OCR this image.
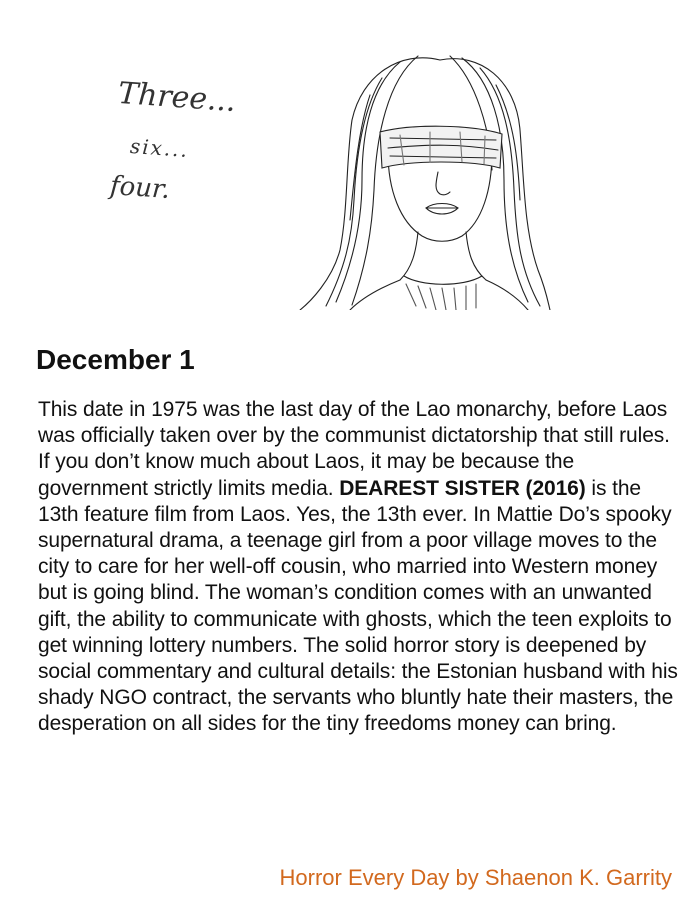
Three...
six...
four.
December 1

This date in 1975 was the last day of the Lao monarchy, before Laos was officially taken over by the communist dictatorship that still rules. If you don’t know much about Laos, it may be because the government strictly limits media. DEAREST SISTER (2016) is the 13th feature film from Laos. Yes, the 13th ever. In Mattie Do’s spooky supernatural drama, a teenage girl from a poor village moves to the city to care for her well-off cousin, who married into Western money but is going blind. The woman’s condition comes with an unwanted gift, the ability to communicate with ghosts, which the teen exploits to get winning lottery numbers. The solid horror story is deepened by social commentary and cultural details: the Estonian husband with his shady NGO contract, the servants who bluntly hate their masters, the desperation on all sides for the tiny freedoms money can bring.

Horror Every Day by Shaenon K. Garrity
